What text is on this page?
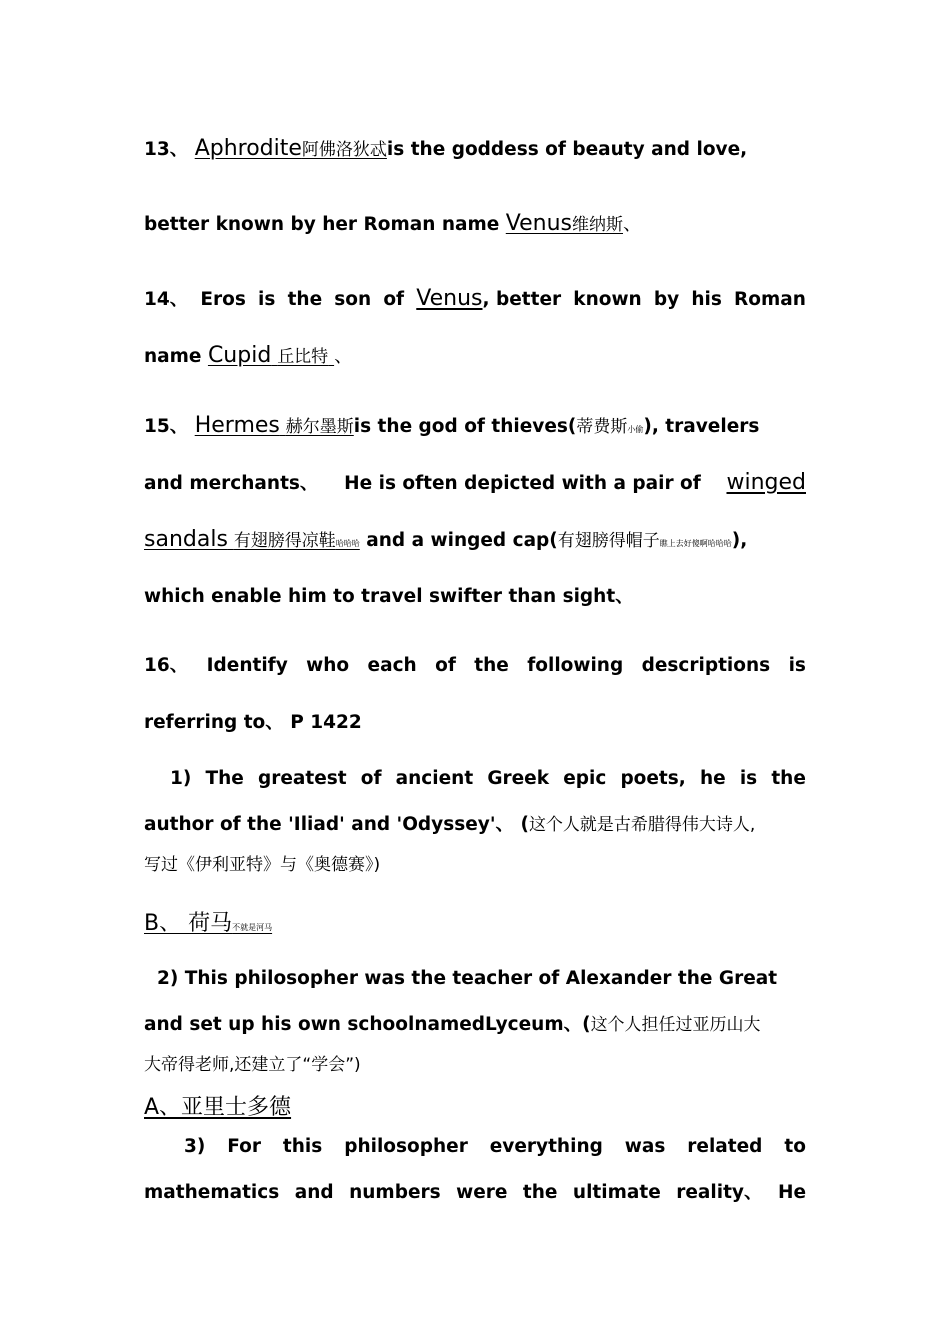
13、 Aphrodite阿佛洛狄忒is the goddess of beauty and love,
better known by her Roman name Venus维纳斯、
14、 Eros is the son of Venus, better known by his Roman
name Cupid 丘比特 、
15、 Hermes 赫尔墨斯is the god of thieves(蒂费斯小偷), travelers
and merchants、 He is often depicted with a pair of winged
sandals 有翅膀得凉鞋哈哈哈 and a winged cap(有翅膀得帽子瞧上去好傻啊哈哈哈),
which enable him to travel swifter than sight、
16、 Identify who each of the following descriptions is
referring to、 P 1422
1) The greatest of ancient Greek epic poets, he is the
author of the 'Iliad' and 'Odyssey'、 (这个人就是古希腊得伟大诗人,
写过《伊利亚特》与《奥德赛》)
B、 荷马不就是河马
2) This philosopher was the teacher of Alexander the Great
and set up his own schoolnamedLyceum、(这个人担任过亚历山大
大帝得老师,还建立了“学会”)
A、亚里士多德
3) For this philosopher everything was related to
mathematics and numbers were the ultimate reality、 He
